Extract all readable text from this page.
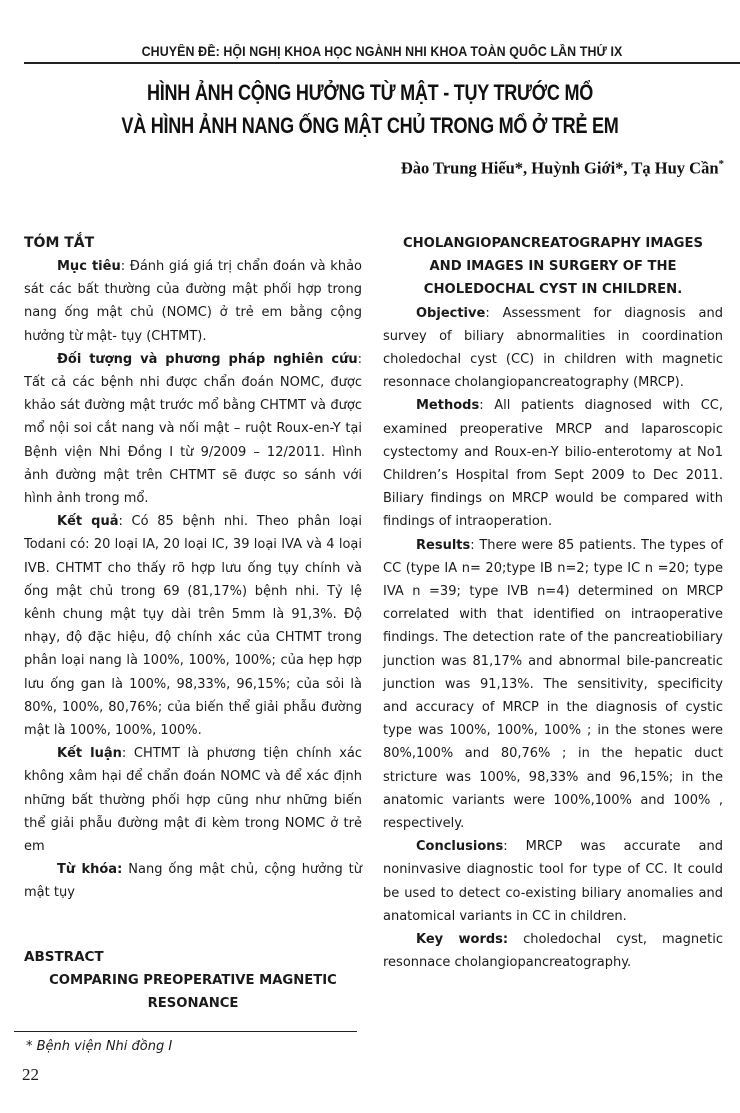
CHUYÊN ĐỀ: HỘI NGHỊ KHOA HỌC NGÀNH NHI KHOA TOÀN QUỐC LẦN THỨ IX
HÌNH ẢNH CỘNG HƯỞNG TỪ MẬT - TỤY TRƯỚC MỔ
VÀ HÌNH ẢNH NANG ỐNG MẬT CHỦ TRONG MỔ Ở TRẺ EM
Đào Trung Hiếu*, Huỳnh Giới*, Tạ Huy Cần*

TÓM TẮT

Mục tiêu: Đánh giá giá trị chẩn đoán và khảo sát các bất thường của đường mật phối hợp trong nang ống mật chủ (NOMC) ở trẻ em bằng cộng hưởng từ mật- tụy (CHTMT).

Đối tượng và phương pháp nghiên cứu: Tất cả các bệnh nhi được chẩn đoán NOMC, được khảo sát đường mật trước mổ bằng CHTMT và được mổ nội soi cắt nang và nối mật – ruột Roux-en-Y tại Bệnh viện Nhi Đồng I từ 9/2009 – 12/2011. Hình ảnh đường mật trên CHTMT sẽ được so sánh với hình ảnh trong mổ.

Kết quả: Có 85 bệnh nhi. Theo phân loại Todani có: 20 loại IA, 20 loại IC, 39 loại IVA và 4 loại IVB. CHTMT cho thấy rõ hợp lưu ống tụy chính và ống mật chủ trong 69 (81,17%) bệnh nhi. Tỷ lệ kênh chung mật tụy dài trên 5mm là 91,3%. Độ nhạy, độ đặc hiệu, độ chính xác của CHTMT trong phân loại nang là 100%, 100%, 100%; của hẹp hợp lưu ống gan là 100%, 98,33%, 96,15%; của sỏi là 80%, 100%, 80,76%; của biến thể giải phẫu đường mật là 100%, 100%, 100%.

Kết luận: CHTMT là phương tiện chính xác không xâm hại để chẩn đoán NOMC và để xác định những bất thường phối hợp cũng như những biến thể giải phẫu đường mật đi kèm trong NOMC ở trẻ em

Từ khóa: Nang ống mật chủ, cộng hưởng từ mật tụy

ABSTRACT

COMPARING PREOPERATIVE MAGNETIC RESONANCE

CHOLANGIOPANCREATOGRAPHY IMAGES AND IMAGES IN SURGERY OF THE CHOLEDOCHAL CYST IN CHILDREN.

Objective: Assessment for diagnosis and survey of biliary abnormalities in coordination choledochal cyst (CC) in children with magnetic resonnace cholangiopancreatography (MRCP).

Methods: All patients diagnosed with CC, examined preoperative MRCP and laparoscopic cystectomy and Roux-en-Y bilio-enterotomy at No1 Children’s Hospital from Sept 2009 to Dec 2011. Biliary findings on MRCP would be compared with findings of intraoperation.

Results: There were 85 patients. The types of CC (type IA n= 20;type IB n=2; type IC n =20; type IVA n =39; type IVB n=4) determined on MRCP correlated with that identified on intraoperative findings. The detection rate of the pancreatiobiliary junction was 81,17% and abnormal bile-pancreatic junction was 91,13%. The sensitivity, specificity and accuracy of MRCP in the diagnosis of cystic type was 100%, 100%, 100% ; in the stones were 80%,100% and 80,76% ; in the hepatic duct stricture was 100%, 98,33% and 96,15%; in the anatomic variants were 100%,100% and 100% , respectively.

Conclusions: MRCP was accurate and noninvasive diagnostic tool for type of CC. It could be used to detect co-existing biliary anomalies and anatomical variants in CC in children.

Key words: choledochal cyst, magnetic resonnace cholangiopancreatography.

* Bệnh viện Nhi đồng I
22
